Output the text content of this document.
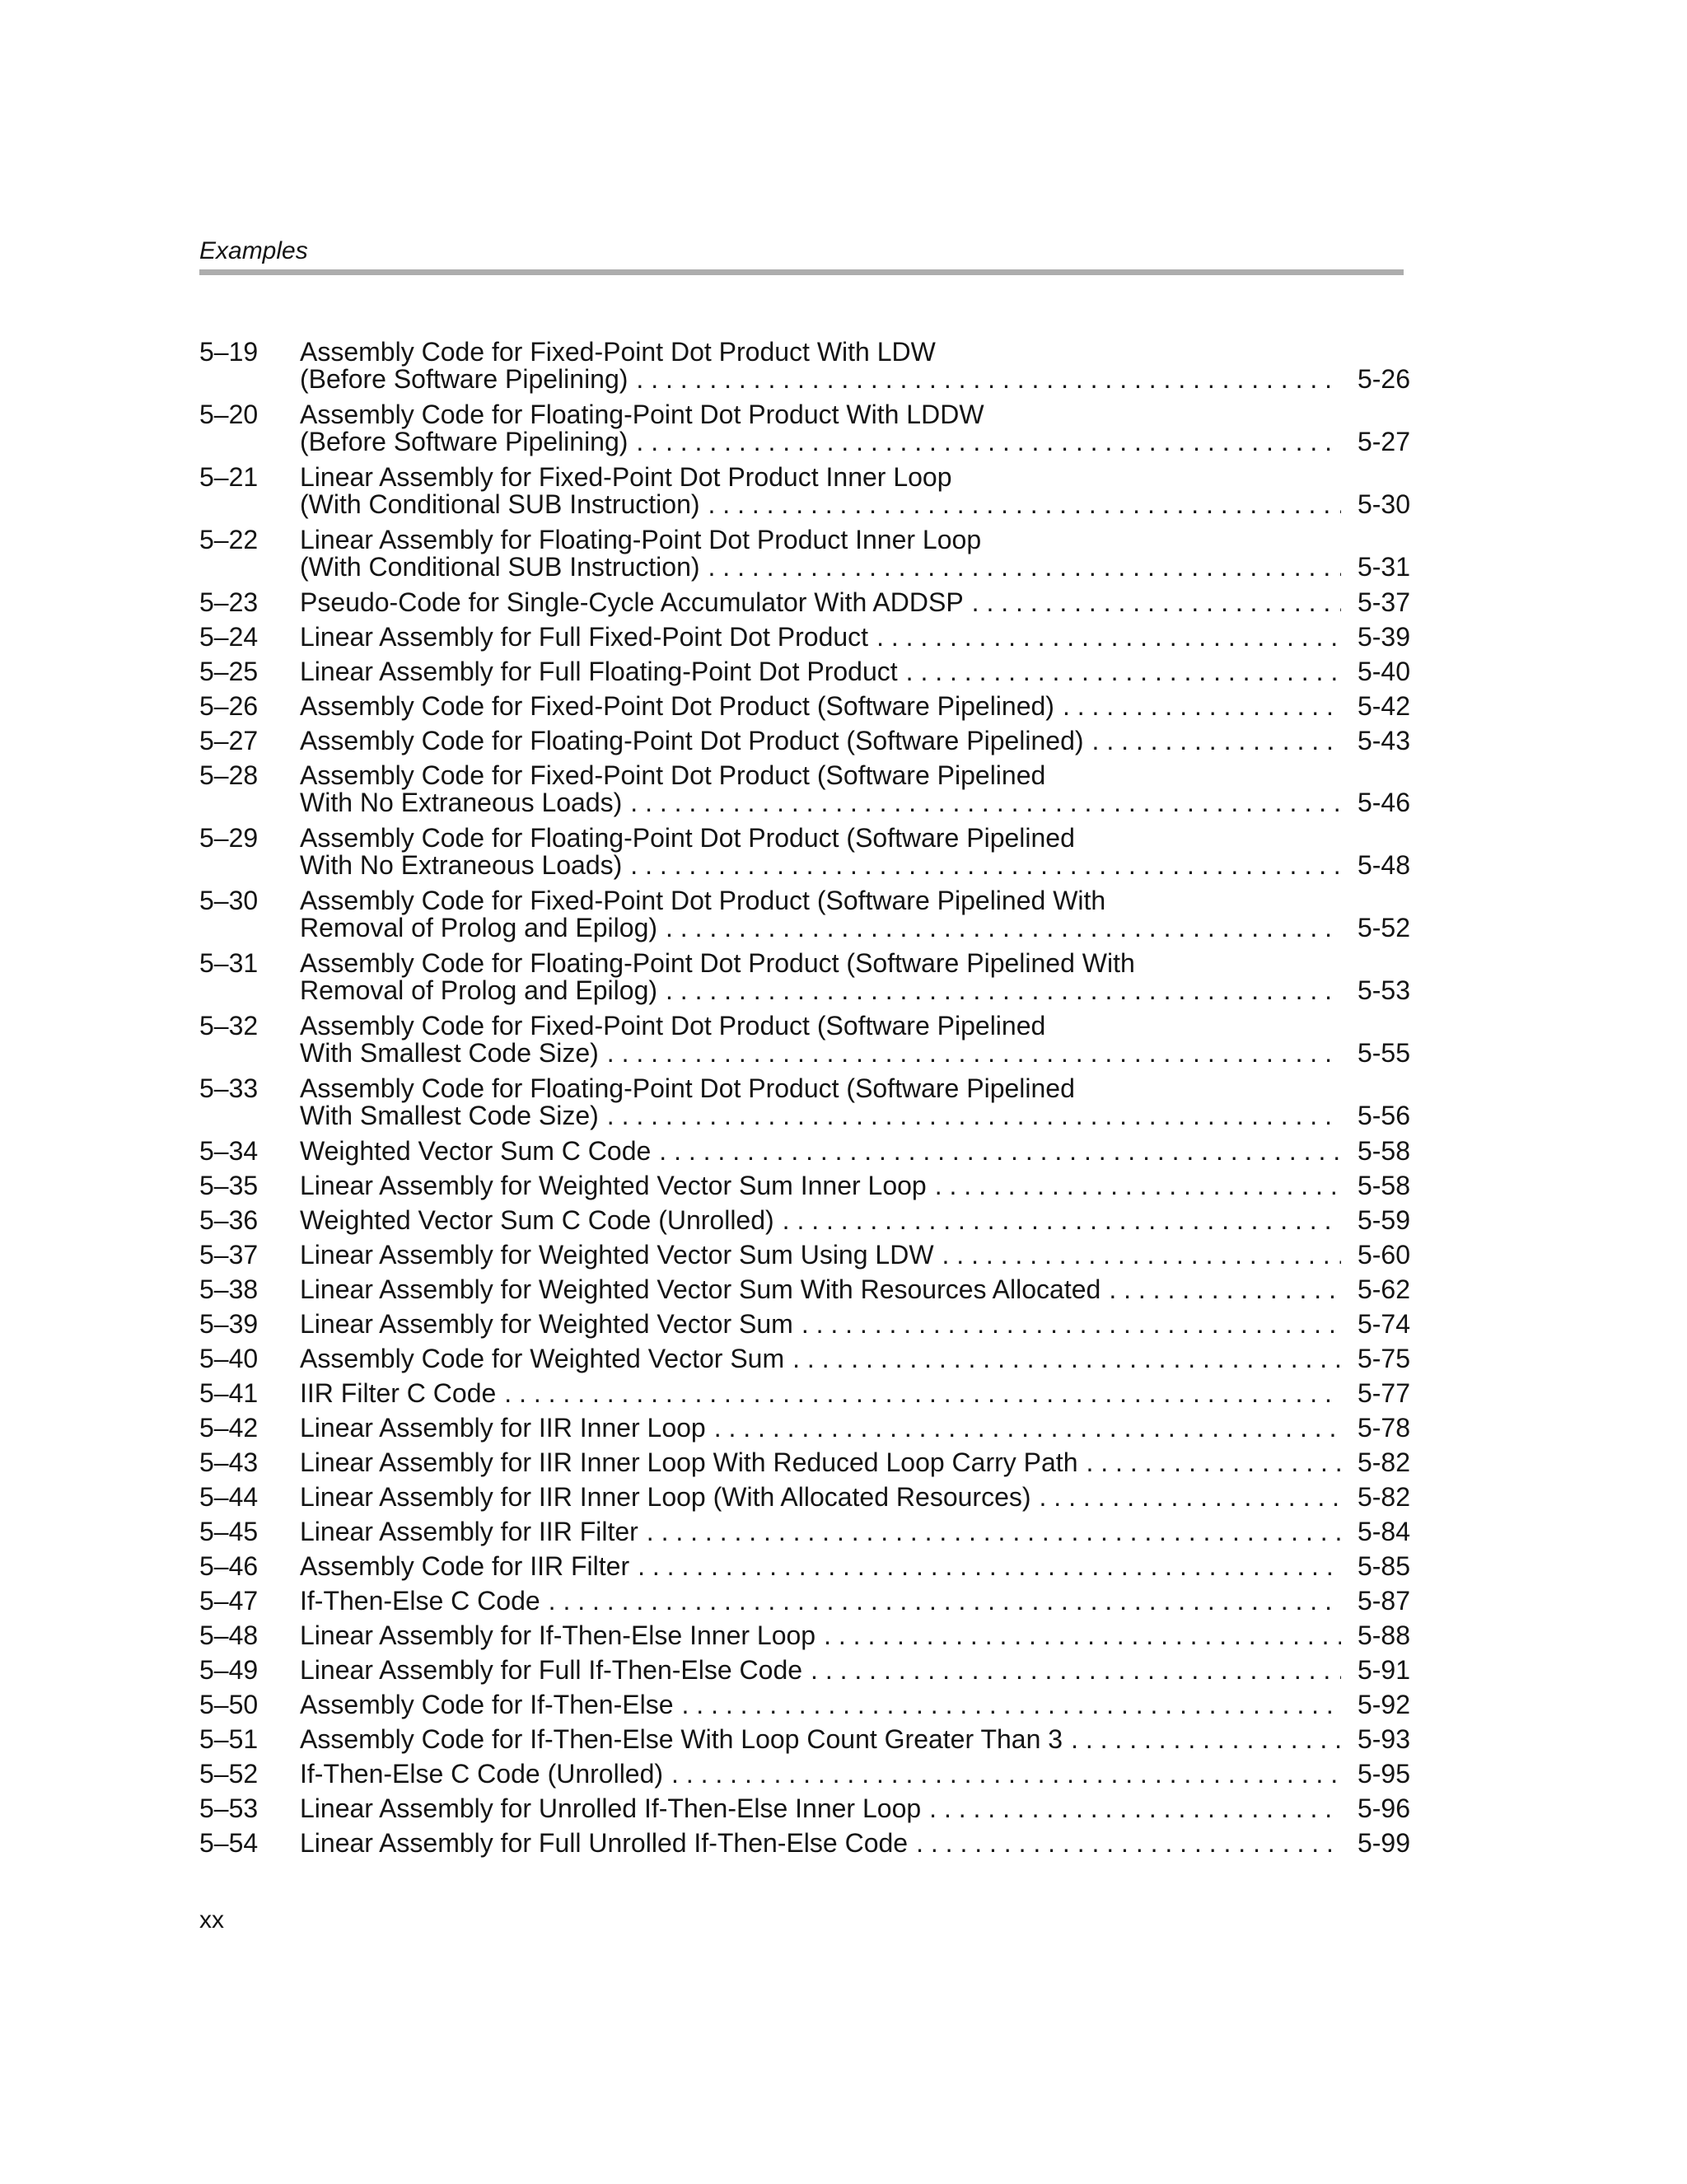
Examples
5–19 Assembly Code for Fixed-Point Dot Product With LDW
(Before Software Pipelining) . . .	5-26
5–20 Assembly Code for Floating-Point Dot Product With LDDW
(Before Software Pipelining) . . .	5-27
5–21 Linear Assembly for Fixed-Point Dot Product Inner Loop
(With Conditional SUB Instruction) . . .	5-30
5–22 Linear Assembly for Floating-Point Dot Product Inner Loop
(With Conditional SUB Instruction) . . .	5-31
5–23 Pseudo-Code for Single-Cycle Accumulator With ADDSP . . .	5-37
5–24 Linear Assembly for Full Fixed-Point Dot Product . . .	5-39
5–25 Linear Assembly for Full Floating-Point Dot Product . . .	5-40
5–26 Assembly Code for Fixed-Point Dot Product (Software Pipelined) . . .	5-42
5–27 Assembly Code for Floating-Point Dot Product (Software Pipelined) . . .	5-43
5–28 Assembly Code for Fixed-Point Dot Product (Software Pipelined
With No Extraneous Loads) . . .	5-46
5–29 Assembly Code for Floating-Point Dot Product (Software Pipelined
With No Extraneous Loads) . . .	5-48
5–30 Assembly Code for Fixed-Point Dot Product (Software Pipelined With
Removal of Prolog and Epilog) . . .	5-52
5–31 Assembly Code for Floating-Point Dot Product (Software Pipelined With
Removal of Prolog and Epilog) . . .	5-53
5–32 Assembly Code for Fixed-Point Dot Product (Software Pipelined
With Smallest Code Size) . . .	5-55
5–33 Assembly Code for Floating-Point Dot Product (Software Pipelined
With Smallest Code Size) . . .	5-56
5–34 Weighted Vector Sum C Code . . .	5-58
5–35 Linear Assembly for Weighted Vector Sum Inner Loop . . .	5-58
5–36 Weighted Vector Sum C Code (Unrolled) . . .	5-59
5–37 Linear Assembly for Weighted Vector Sum Using LDW . . .	5-60
5–38 Linear Assembly for Weighted Vector Sum With Resources Allocated . . .	5-62
5–39 Linear Assembly for Weighted Vector Sum . . .	5-74
5–40 Assembly Code for Weighted Vector Sum . . .	5-75
5–41 IIR Filter C Code . . .	5-77
5–42 Linear Assembly for IIR Inner Loop . . .	5-78
5–43 Linear Assembly for IIR Inner Loop With Reduced Loop Carry Path . . .	5-82
5–44 Linear Assembly for IIR Inner Loop (With Allocated Resources) . . .	5-82
5–45 Linear Assembly for IIR Filter . . .	5-84
5–46 Assembly Code for IIR Filter . . .	5-85
5–47 If-Then-Else C Code . . .	5-87
5–48 Linear Assembly for If-Then-Else Inner Loop . . .	5-88
5–49 Linear Assembly for Full If-Then-Else Code . . .	5-91
5–50 Assembly Code for If-Then-Else . . .	5-92
5–51 Assembly Code for If-Then-Else With Loop Count Greater Than 3 . . .	5-93
5–52 If-Then-Else C Code (Unrolled) . . .	5-95
5–53 Linear Assembly for Unrolled If-Then-Else Inner Loop . . .	5-96
5–54 Linear Assembly for Full Unrolled If-Then-Else Code . . .	5-99
xx
